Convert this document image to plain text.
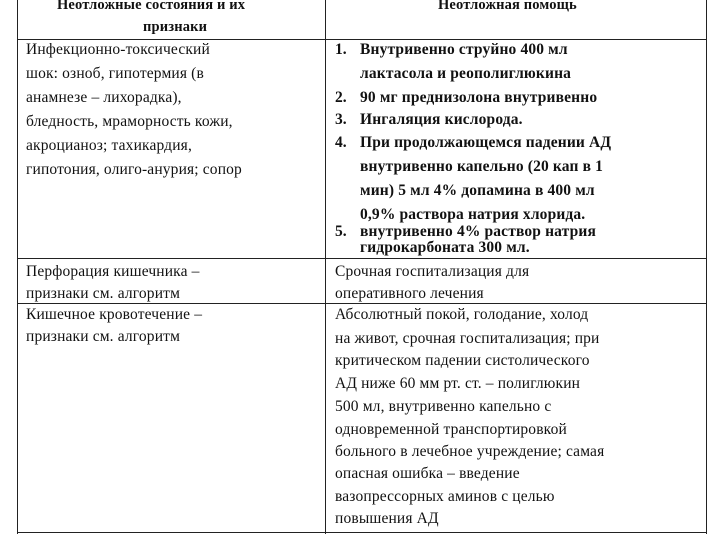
Неотложные состояния и их
признаки
Неотложная помощь
Инфекционно-токсический
шок: озноб, гипотермия (в
анамнезе – лихорадка),
бледность, мраморность кожи,
акроцианоз; тахикардия,
гипотония, олиго-анурия; сопор
1. Внутривенно струйно 400 мл
лактасола и реополиглюкина
2. 90 мг преднизолона внутривенно
3. Ингаляция кислорода.
4. При продолжающемся падении АД
внутривенно капельно (20 кап в 1
мин) 5 мл 4% допамина в 400 мл
0,9% раствора натрия хлорида.
5. внутривенно 4% раствор натрия
гидрокарбоната 300 мл.
Перфорация кишечника –
признаки см. алгоритм
Срочная госпитализация для
оперативного лечения
Кишечное кровотечение –
признаки см. алгоритм
Абсолютный покой, голодание, холод
на живот, срочная госпитализация; при
критическом падении систолического
АД ниже 60 мм рт. ст. – полиглюкин
500 мл, внутривенно капельно с
одновременной транспортировкой
больного в лечебное учреждение; самая
опасная ошибка – введение
вазопрессорных аминов с целью
повышения АД
